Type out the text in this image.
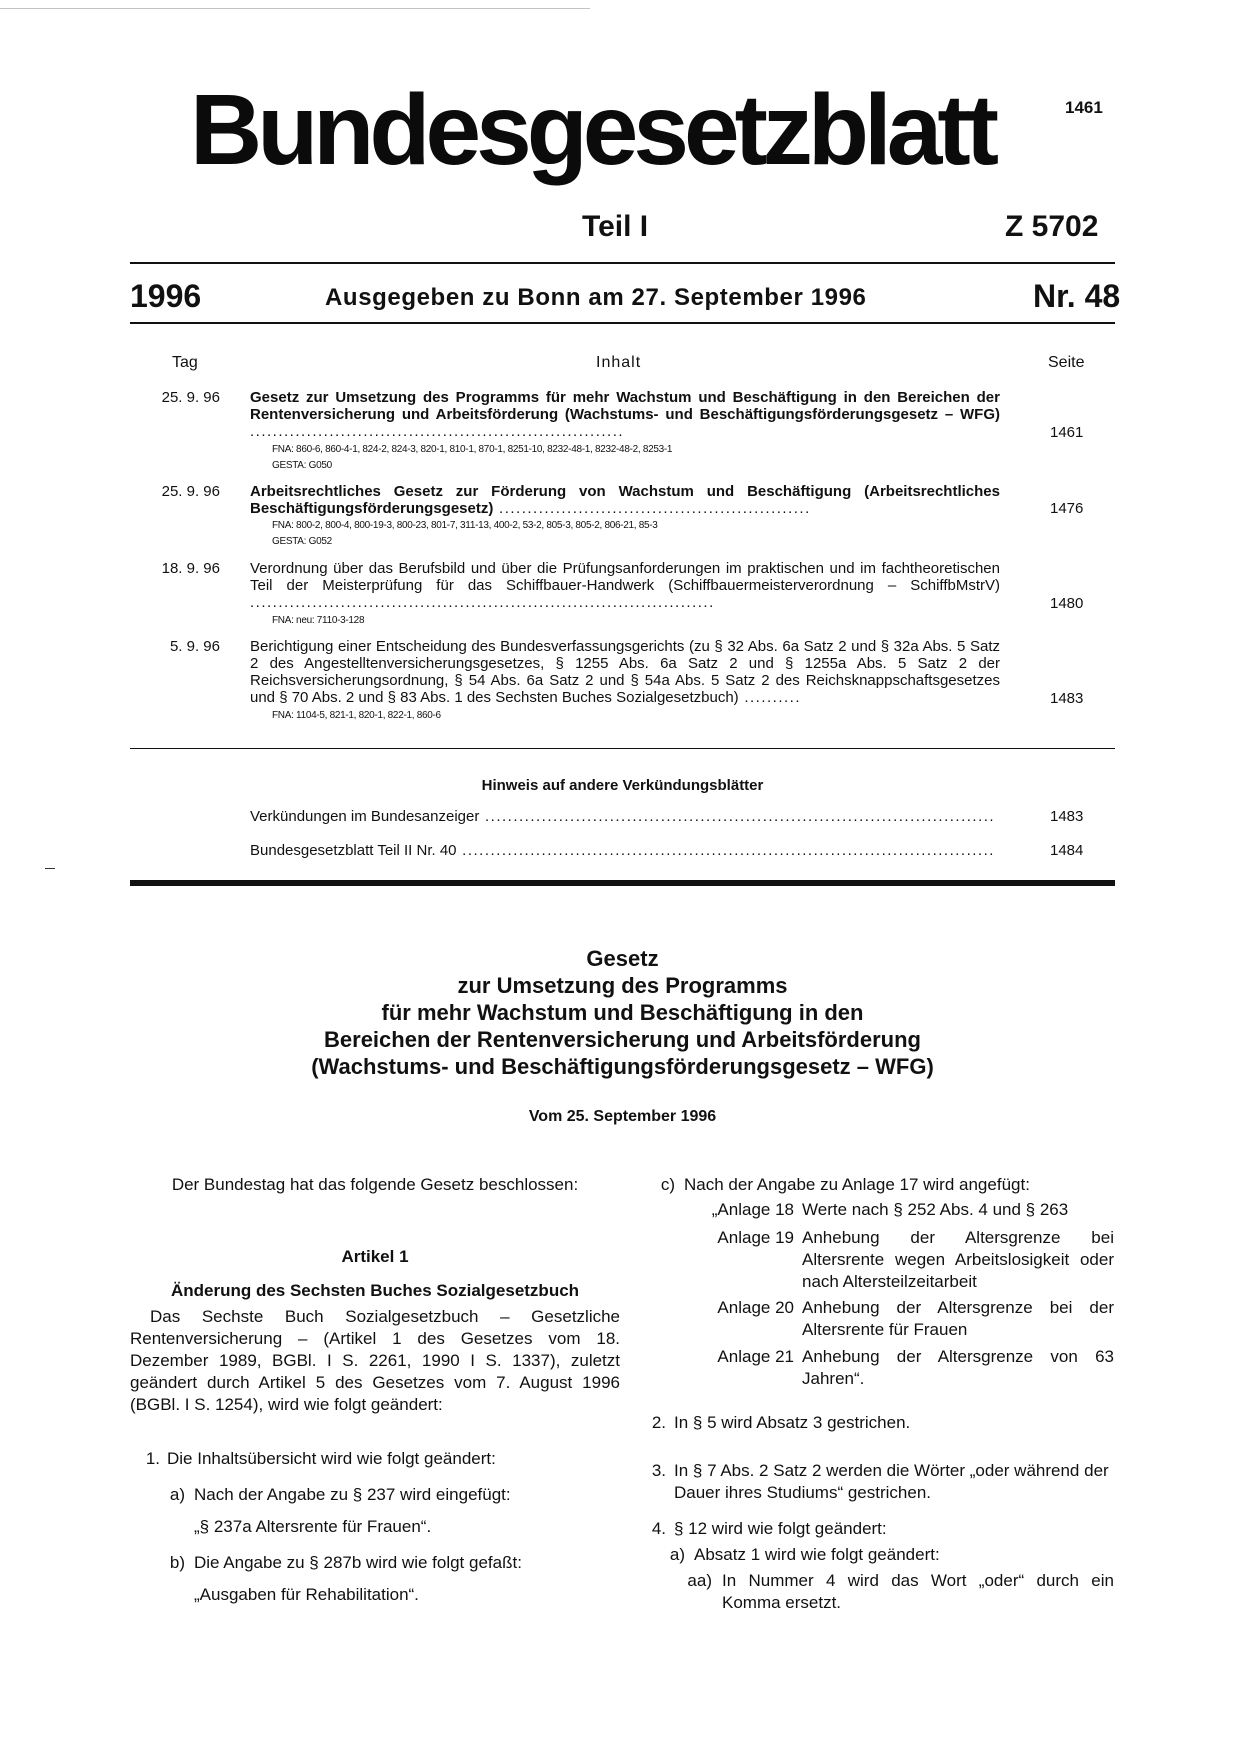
Bundesgesetzblatt	1461
Teil I	Z 5702
1996	Ausgegeben zu Bonn am 27. September 1996	Nr. 48
Tag	Inhalt	Seite
25. 9. 96 Gesetz zur Umsetzung des Programms für mehr Wachstum und Beschäftigung in den Bereichen der Rentenversicherung und Arbeitsförderung (Wachstums- und Beschäftigungsförderungsgesetz – WFG) ..................................................................	1461
FNA: 860-6, 860-4-1, 824-2, 824-3, 820-1, 810-1, 870-1, 8251-10, 8232-48-1, 8232-48-2, 8253-1
GESTA: G050
25. 9. 96 Arbeitsrechtliches Gesetz zur Förderung von Wachstum und Beschäftigung (Arbeitsrechtliches Beschäftigungsförderungsgesetz) .......................................................	1476
FNA: 800-2, 800-4, 800-19-3, 800-23, 801-7, 311-13, 400-2, 53-2, 805-3, 805-2, 806-21, 85-3
GESTA: G052
18. 9. 96 Verordnung über das Berufsbild und über die Prüfungsanforderungen im praktischen und im fachtheoretischen Teil der Meisterprüfung für das Schiffbauer-Handwerk (Schiffbauermeisterverordnung – SchiffbMstrV) ..................................................................................	1480
FNA: neu: 7110-3-128
5. 9. 96 Berichtigung einer Entscheidung des Bundesverfassungsgerichts (zu § 32 Abs. 6a Satz 2 und § 32a Abs. 5 Satz 2 des Angestelltenversicherungsgesetzes, § 1255 Abs. 6a Satz 2 und § 1255a Abs. 5 Satz 2 der Reichsversicherungsordnung, § 54 Abs. 6a Satz 2 und § 54a Abs. 5 Satz 2 des Reichsknappschaftsgesetzes und § 70 Abs. 2 und § 83 Abs. 1 des Sechsten Buches Sozialgesetzbuch) ..........	1483
FNA: 1104-5, 821-1, 820-1, 822-1, 860-6
Hinweis auf andere Verkündungsblätter
Verkündungen im Bundesanzeiger ..........................................................................................	1483
Bundesgesetzblatt Teil II Nr. 40 ..............................................................................................	1484
Gesetz
zur Umsetzung des Programms
für mehr Wachstum und Beschäftigung in den
Bereichen der Rentenversicherung und Arbeitsförderung
(Wachstums- und Beschäftigungsförderungsgesetz – WFG)
Vom 25. September 1996
Der Bundestag hat das folgende Gesetz beschlossen:
Artikel 1
Änderung des Sechsten Buches Sozialgesetzbuch
Das Sechste Buch Sozialgesetzbuch – Gesetzliche Rentenversicherung – (Artikel 1 des Gesetzes vom 18. Dezember 1989, BGBl. I S. 2261, 1990 I S. 1337), zuletzt geändert durch Artikel 5 des Gesetzes vom 7. August 1996 (BGBl. I S. 1254), wird wie folgt geändert:
1. Die Inhaltsübersicht wird wie folgt geändert:
a) Nach der Angabe zu § 237 wird eingefügt:
„§ 237a Altersrente für Frauen“.
b) Die Angabe zu § 287b wird wie folgt gefaßt:
„Ausgaben für Rehabilitation“.
c) Nach der Angabe zu Anlage 17 wird angefügt:
„Anlage 18 Werte nach § 252 Abs. 4 und § 263
Anlage 19 Anhebung der Altersgrenze bei Altersrente wegen Arbeitslosigkeit oder nach Altersteilzeitarbeit
Anlage 20 Anhebung der Altersgrenze bei der Altersrente für Frauen
Anlage 21 Anhebung der Altersgrenze von 63 Jahren“.
2. In § 5 wird Absatz 3 gestrichen.
3. In § 7 Abs. 2 Satz 2 werden die Wörter „oder während der Dauer ihres Studiums“ gestrichen.
4. § 12 wird wie folgt geändert:
a) Absatz 1 wird wie folgt geändert:
aa) In Nummer 4 wird das Wort „oder“ durch ein Komma ersetzt.
